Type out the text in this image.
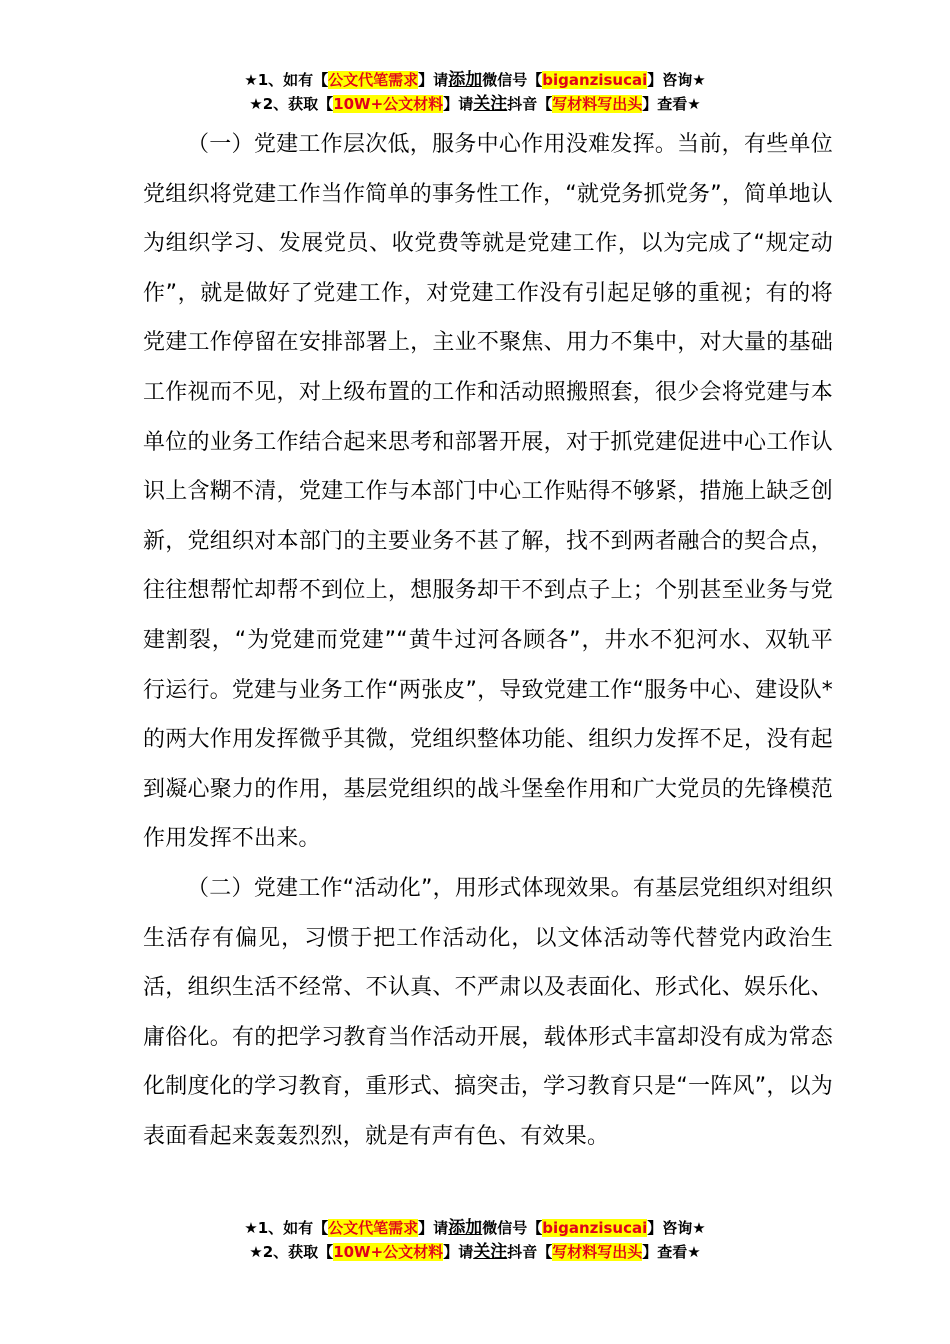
★1、如有【公文代笔需求】请添加微信号【biganzisucai】咨询★
★2、获取【10W+公文材料】请关注抖音【写材料写出头】查看★

（一）党建工作层次低，服务中心作用没难发挥。当前，有些单位党组织将党建工作当作简单的事务性工作，“就党务抓党务”，简单地认为组织学习、发展党员、收党费等就是党建工作，以为完成了“规定动作”，就是做好了党建工作，对党建工作没有引起足够的重视；有的将党建工作停留在安排部署上，主业不聚焦、用力不集中，对大量的基础工作视而不见，对上级布置的工作和活动照搬照套，很少会将党建与本单位的业务工作结合起来思考和部署开展，对于抓党建促进中心工作认识上含糊不清，党建工作与本部门中心工作贴得不够紧，措施上缺乏创新，党组织对本部门的主要业务不甚了解，找不到两者融合的契合点，往往想帮忙却帮不到位上，想服务却干不到点子上；个别甚至业务与党建割裂，“为党建而党建”“黄牛过河各顾各”，井水不犯河水、双轨平行运行。党建与业务工作“两张皮”，导致党建工作“服务中心、建设队*的两大作用发挥微乎其微，党组织整体功能、组织力发挥不足，没有起到凝心聚力的作用，基层党组织的战斗堡垒作用和广大党员的先锋模范作用发挥不出来。

（二）党建工作“活动化”，用形式体现效果。有基层党组织对组织生活存有偏见，习惯于把工作活动化，以文体活动等代替党内政治生活，组织生活不经常、不认真、不严肃以及表面化、形式化、娱乐化、庸俗化。有的把学习教育当作活动开展，载体形式丰富却没有成为常态化制度化的学习教育，重形式、搞突击，学习教育只是“一阵风”，以为表面看起来轰轰烈烈，就是有声有色、有效果。

★1、如有【公文代笔需求】请添加微信号【biganzisucai】咨询★
★2、获取【10W+公文材料】请关注抖音【写材料写出头】查看★
